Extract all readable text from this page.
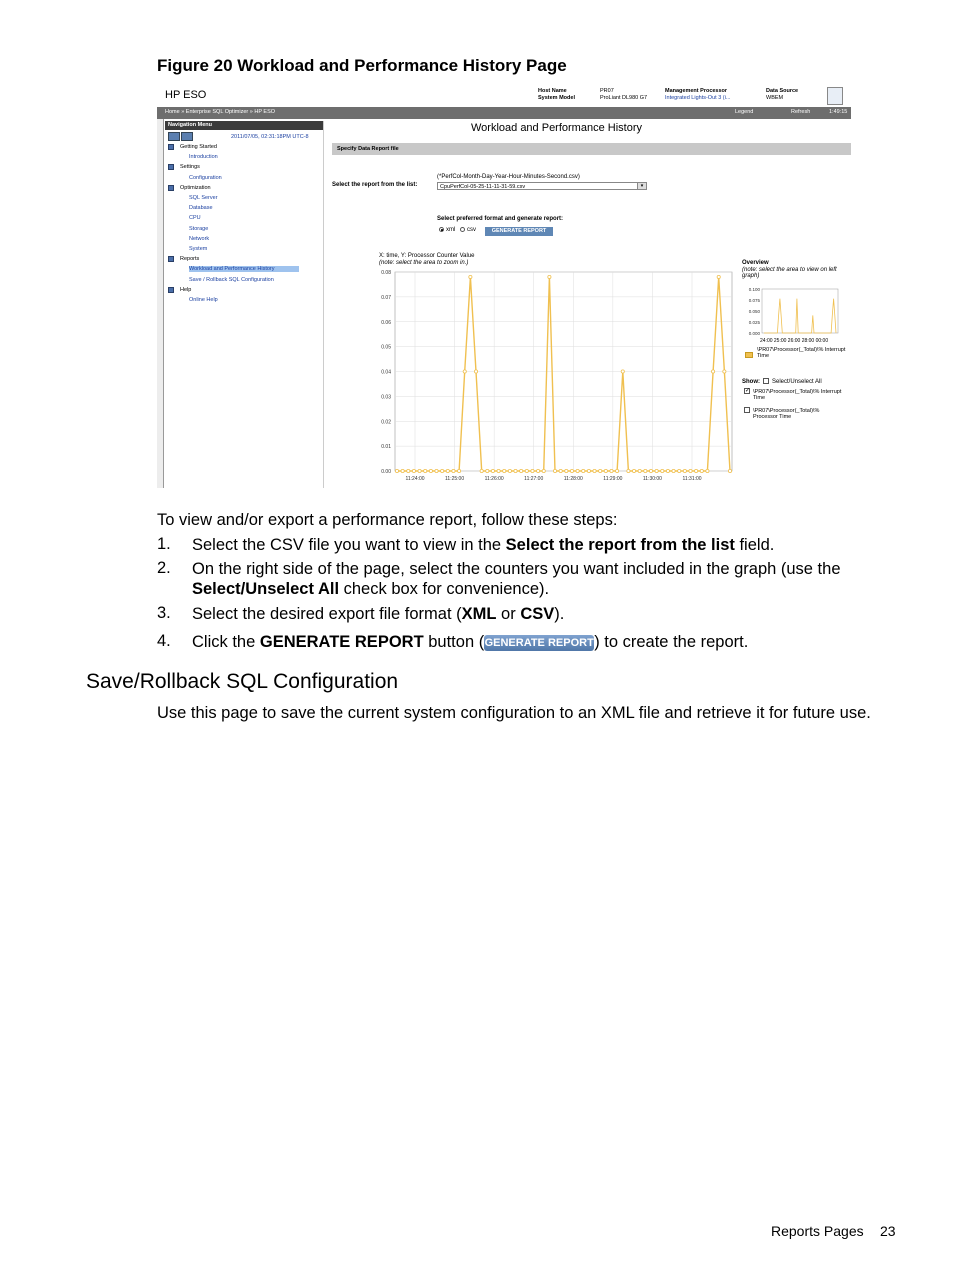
Figure 20 Workload and Performance History Page
HP ESO	Host Name
System Model
PR07
ProLiant DL980 G7
Management Processor
Integrated Lights-Out 3 (i...
Data Source
WBEM
Home » Enterprise SQL Optimizer » HP ESO	Legend	Refresh	1:49:15
Navigation Menu
2011/07/05, 02:31:18PM UTC-8
Getting Started
Introduction
Settings
Configuration
Optimization
SQL Server
Database
CPU
Storage
Network
System
Reports
Workload and Performance History
Save / Rollback SQL Configuration
Help
Online Help
Workload and Performance History
Specify Data Report file
Select the report from the list:
(*PerfCol-Month-Day-Year-Hour-Minutes-Second.csv)
CpuPerfCol-05-25-11-11-31-59.csv	▾
Select preferred format and generate report:
xml csv	GENERATE REPORT
X: time, Y: Processor Counter Value
(note: select the area to zoom in.)
0.00
0.01
0.02
0.03
0.04
0.05
0.06
0.07
0.08
11:24:00	11:25:00	11:26:00	11:27:00	11:28:00	11:29:00	11:30:00	11:31:00
Overview
(note: select the area to view on left graph)
0.100
0.075
0.050
0.025
0.000
24:00 25:00 26:00 28:00 00:00
\PR07\Processor(_Total)\% Interrupt Time
Show: Select/Unselect All
✓ \PR07\Processor(_Total)\% Interrupt Time
\PR07\Processor(_Total)\% Processor Time
To view and/or export a performance report, follow these steps:
1. Select the CSV file you want to view in the Select the report from the list field.
2. On the right side of the page, select the counters you want included in the graph (use the
Select/Unselect All check box for convenience).
3. Select the desired export file format (XML or CSV).
4. Click the GENERATE REPORT button (GENERATE REPORT) to create the report.
Save/Rollback SQL Configuration
Use this page to save the current system configuration to an XML file and retrieve it for future use.
Reports Pages 23
